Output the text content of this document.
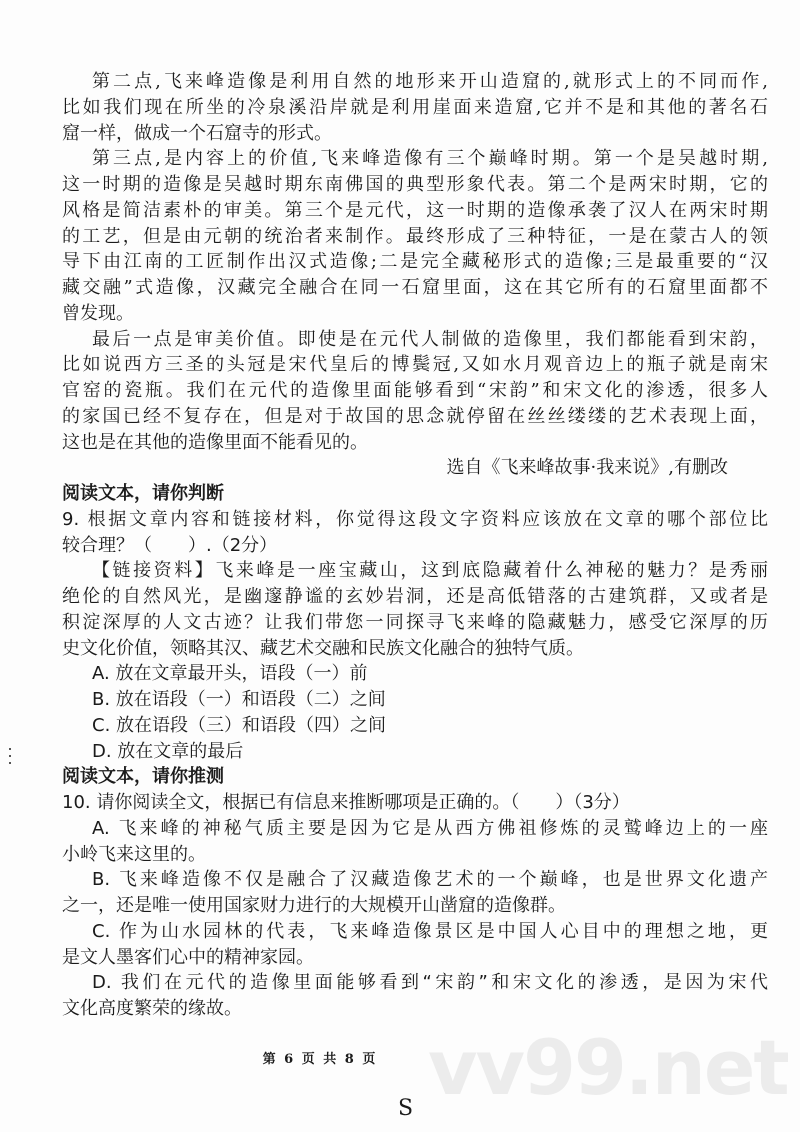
vv99.net
第二点,飞来峰造像是利用自然的地形来开山造窟的,就形式上的不同而作,
比如我们现在所坐的冷泉溪沿岸就是利用崖面来造窟,它并不是和其他的著名石
窟一样，做成一个石窟寺的形式。
第三点,是内容上的价值,飞来峰造像有三个巅峰时期。第一个是吴越时期,
这一时期的造像是吴越时期东南佛国的典型形象代表。第二个是两宋时期，它的
风格是简洁素朴的审美。第三个是元代，这一时期的造像承袭了汉人在两宋时期
的工艺，但是由元朝的统治者来制作。最终形成了三种特征，一是在蒙古人的领
导下由江南的工匠制作出汉式造像;二是完全藏秘形式的造像;三是最重要的“汉
藏交融”式造像，汉藏完全融合在同一石窟里面，这在其它所有的石窟里面都不
曾发现。
最后一点是审美价值。即使是在元代人制做的造像里，我们都能看到宋韵，
比如说西方三圣的头冠是宋代皇后的博鬓冠,又如水月观音边上的瓶子就是南宋
官窑的瓷瓶。我们在元代的造像里面能够看到“宋韵”和宋文化的渗透，很多人
的家国已经不复存在，但是对于故国的思念就停留在丝丝缕缕的艺术表现上面，
这也是在其他的造像里面不能看见的。
选自《飞来峰故事·我来说》,有删改
阅读文本，请你判断
9. 根据文章内容和链接材料，你觉得这段文字资料应该放在文章的哪个部位比
较合理？（　　）.（2分）
【链接资料】飞来峰是一座宝藏山，这到底隐藏着什么神秘的魅力？是秀丽
绝伦的自然风光，是幽邃静谧的玄妙岩洞，还是高低错落的古建筑群，又或者是
积淀深厚的人文古迹？让我们带您一同探寻飞来峰的隐藏魅力，感受它深厚的历
史文化价值，领略其汉、藏艺术交融和民族文化融合的独特气质。
A. 放在文章最开头，语段（一）前
B. 放在语段（一）和语段（二）之间
C. 放在语段（三）和语段（四）之间
D. 放在文章的最后
阅读文本，请你推测
10. 请你阅读全文，根据已有信息来推断哪项是正确的。（　　）（3分）
A. 飞来峰的神秘气质主要是因为它是从西方佛祖修炼的灵鹫峰边上的一座
小岭飞来这里的。
B. 飞来峰造像不仅是融合了汉藏造像艺术的一个巅峰，也是世界文化遗产
之一，还是唯一使用国家财力进行的大规模开山凿窟的造像群。
C. 作为山水园林的代表，飞来峰造像景区是中国人心目中的理想之地，更
是文人墨客们心中的精神家园。
D. 我们在元代的造像里面能够看到“宋韵”和宋文化的渗透，是因为宋代
文化高度繁荣的缘故。
第 6 页 共 8 页
S
